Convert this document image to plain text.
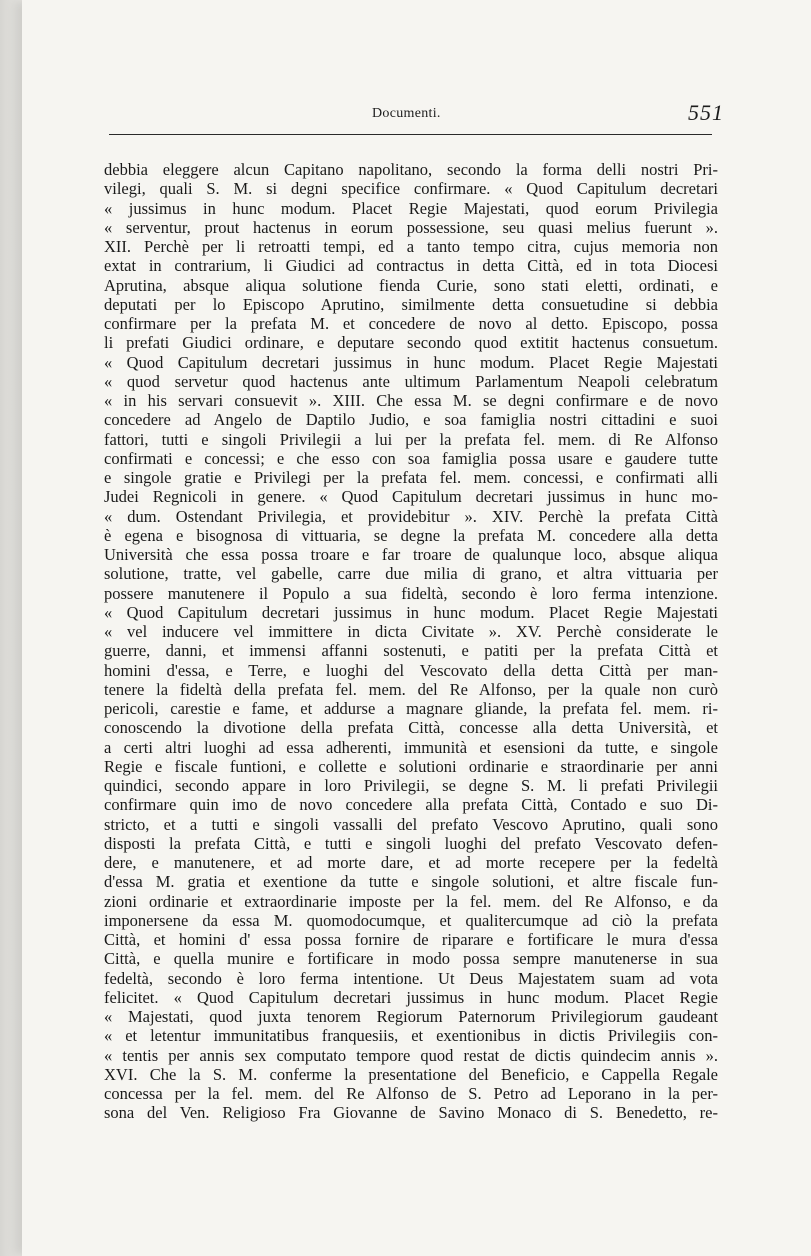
Documenti.	551

debbia eleggere alcun Capitano napolitano, secondo la forma delli nostri Pri-
vilegi, quali S. M. si degni specifice confirmare. « Quod Capitulum decretari
« jussimus in hunc modum. Placet Regie Majestati, quod eorum Privilegia
« serventur, prout hactenus in eorum possessione, seu quasi melius fuerunt ».
XII. Perchè per li retroatti tempi, ed a tanto tempo citra, cujus memoria non
extat in contrarium, li Giudici ad contractus in detta Città, ed in tota Diocesi
Aprutina, absque aliqua solutione fienda Curie, sono stati eletti, ordinati, e
deputati per lo Episcopo Aprutino, similmente detta consuetudine si debbia
confirmare per la prefata M. et concedere de novo al detto. Episcopo, possa
li prefati Giudici ordinare, e deputare secondo quod extitit hactenus consuetum.
« Quod Capitulum decretari jussimus in hunc modum. Placet Regie Majestati
« quod servetur quod hactenus ante ultimum Parlamentum Neapoli celebratum
« in his servari consuevit ». XIII. Che essa M. se degni confirmare e de novo
concedere ad Angelo de Daptilo Judio, e soa famiglia nostri cittadini e suoi
fattori, tutti e singoli Privilegii a lui per la prefata fel. mem. di Re Alfonso
confirmati e concessi; e che esso con soa famiglia possa usare e gaudere tutte
e singole gratie e Privilegi per la prefata fel. mem. concessi, e confirmati alli
Judei Regnicoli in genere. « Quod Capitulum decretari jussimus in hunc mo-
« dum. Ostendant Privilegia, et providebitur ». XIV. Perchè la prefata Città
è egena e bisognosa di vittuaria, se degne la prefata M. concedere alla detta
Università che essa possa troare e far troare de qualunque loco, absque aliqua
solutione, tratte, vel gabelle, carre due milia di grano, et altra vittuaria per
possere manutenere il Populo a sua fideltà, secondo è loro ferma intenzione.
« Quod Capitulum decretari jussimus in hunc modum. Placet Regie Majestati
« vel inducere vel immittere in dicta Civitate ». XV. Perchè considerate le
guerre, danni, et immensi affanni sostenuti, e patiti per la prefata Città et
homini d'essa, e Terre, e luoghi del Vescovato della detta Città per man-
tenere la fideltà della prefata fel. mem. del Re Alfonso, per la quale non curò
pericoli, carestie e fame, et addurse a magnare gliande, la prefata fel. mem. ri-
conoscendo la divotione della prefata Città, concesse alla detta Università, et
a certi altri luoghi ad essa adherenti, immunità et esensioni da tutte, e singole
Regie e fiscale funtioni, e collette e solutioni ordinarie e straordinarie per anni
quindici, secondo appare in loro Privilegii, se degne S. M. li prefati Privilegii
confirmare quin imo de novo concedere alla prefata Città, Contado e suo Di-
stricto, et a tutti e singoli vassalli del prefato Vescovo Aprutino, quali sono
disposti la prefata Città, e tutti e singoli luoghi del prefato Vescovato defen-
dere, e manutenere, et ad morte dare, et ad morte recepere per la fedeltà
d'essa M. gratia et exentione da tutte e singole solutioni, et altre fiscale fun-
zioni ordinarie et extraordinarie imposte per la fel. mem. del Re Alfonso, e da
imponersene da essa M. quomodocumque, et qualitercumque ad ciò la prefata
Città, et homini d' essa possa fornire de riparare e fortificare le mura d'essa
Città, e quella munire e fortificare in modo possa sempre manutenerse in sua
fedeltà, secondo è loro ferma intentione. Ut Deus Majestatem suam ad vota
felicitet. « Quod Capitulum decretari jussimus in hunc modum. Placet Regie
« Majestati, quod juxta tenorem Regiorum Paternorum Privilegiorum gaudeant
« et letentur immunitatibus franquesiis, et exentionibus in dictis Privilegiis con-
« tentis per annis sex computato tempore quod restat de dictis quindecim annis ».
XVI. Che la S. M. conferme la presentatione del Beneficio, e Cappella Regale
concessa per la fel. mem. del Re Alfonso de S. Petro ad Leporano in la per-
sona del Ven. Religioso Fra Giovanne de Savino Monaco di S. Benedetto, re-
